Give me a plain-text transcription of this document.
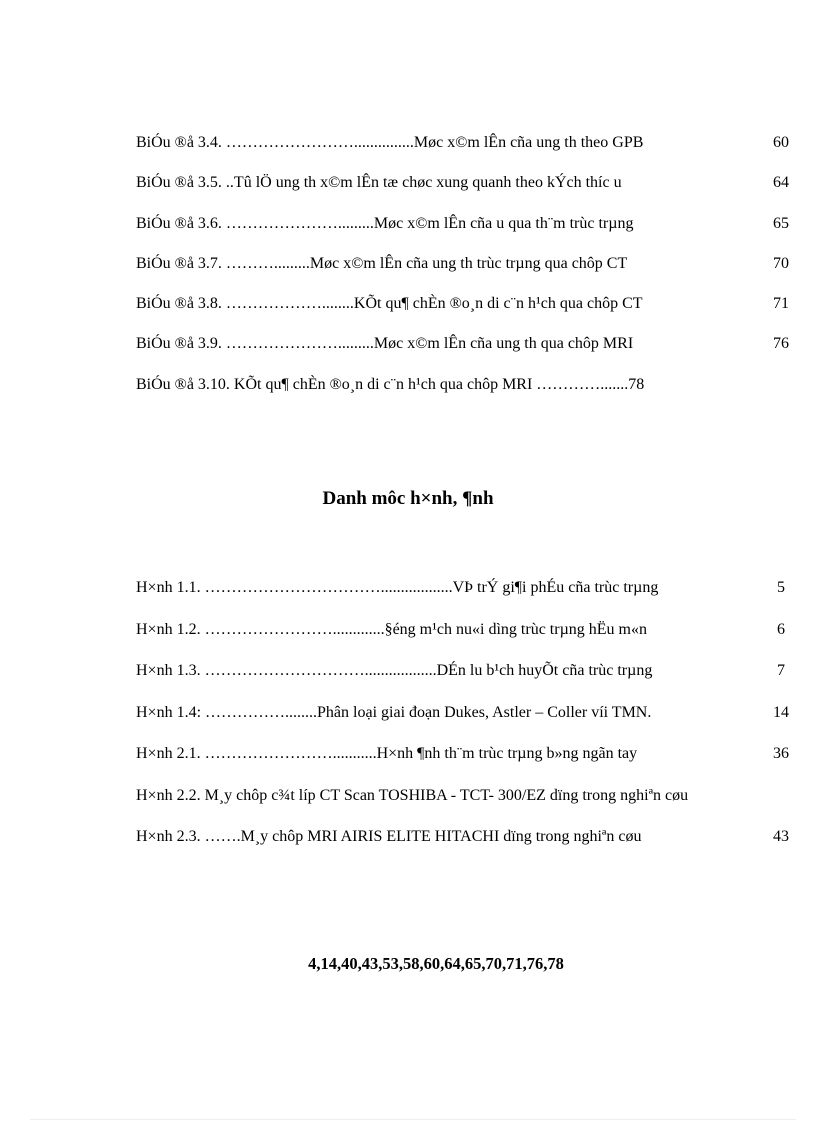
BiÓu ®å 3.4. ……………………...............Møc x©m lÊn cña ung th theo GPB	60
BiÓu ®å 3.5. ..Tû lÖ ung th x©m lÊn tæ chøc xung quanh theo kÝch thíc u	64
BiÓu ®å 3.6. ………………….........Møc x©m lÊn cña u qua th¨m trùc trµng	65
BiÓu ®å 3.7. ……….........Møc x©m lÊn cña ung th trùc trµng qua chôp CT	70
BiÓu ®å 3.8. ………………........KÕt qu¶ chÈn ®o¸n di c¨n h¹ch qua chôp CT	71
BiÓu ®å 3.9. ………………….........Møc x©m lÊn cña ung th qua chôp MRI	76
BiÓu ®å 3.10. KÕt qu¶ chÈn ®o¸n di c¨n h¹ch qua chôp MRI ………….......78
Danh môc h×nh, ¶nh
H×nh 1.1. ……………………………..................VÞ trÝ gi¶i phÉu cña trùc trµng	5
H×nh 1.2. …………………….............§éng m¹ch nu«i dìng trùc trµng hËu m«n	6
H×nh 1.3. …………………………..................DÉn lu b¹ch huyÕt cña trùc trµng	7
H×nh 1.4: ……………........Phân loại giai đoạn Dukes, Astler – Coller víi TMN.	14
H×nh 2.1. ……………………...........H×nh ¶nh th¨m trùc trµng b»ng ngãn tay	36
H×nh 2.2. M¸y chôp c¾t líp CT Scan TOSHIBA - TCT- 300/EZ dïng trong nghiªn cøu
H×nh 2.3. …….M¸y chôp MRI AIRIS ELITE HITACHI dïng trong nghiªn cøu	43
4,14,40,43,53,58,60,64,65,70,71,76,78
